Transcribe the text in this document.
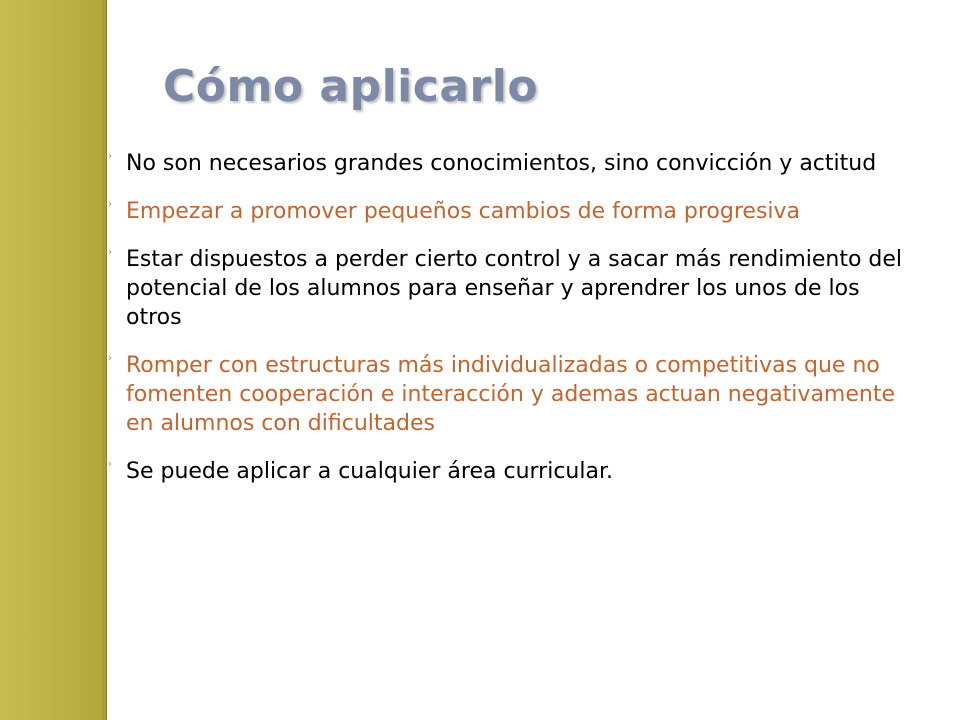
Cómo aplicarlo
› No son necesarios grandes conocimientos, sino convicción y actitud
› Empezar a promover pequeños cambios de forma progresiva
› Estar dispuestos a perder cierto control y a sacar más rendimiento del potencial de los alumnos para enseñar y aprendrer los unos de los otros
› Romper con estructuras más individualizadas o competitivas que no fomenten cooperación e interacción y ademas actuan negativamente en alumnos con dificultades
› Se puede aplicar a cualquier área curricular.
